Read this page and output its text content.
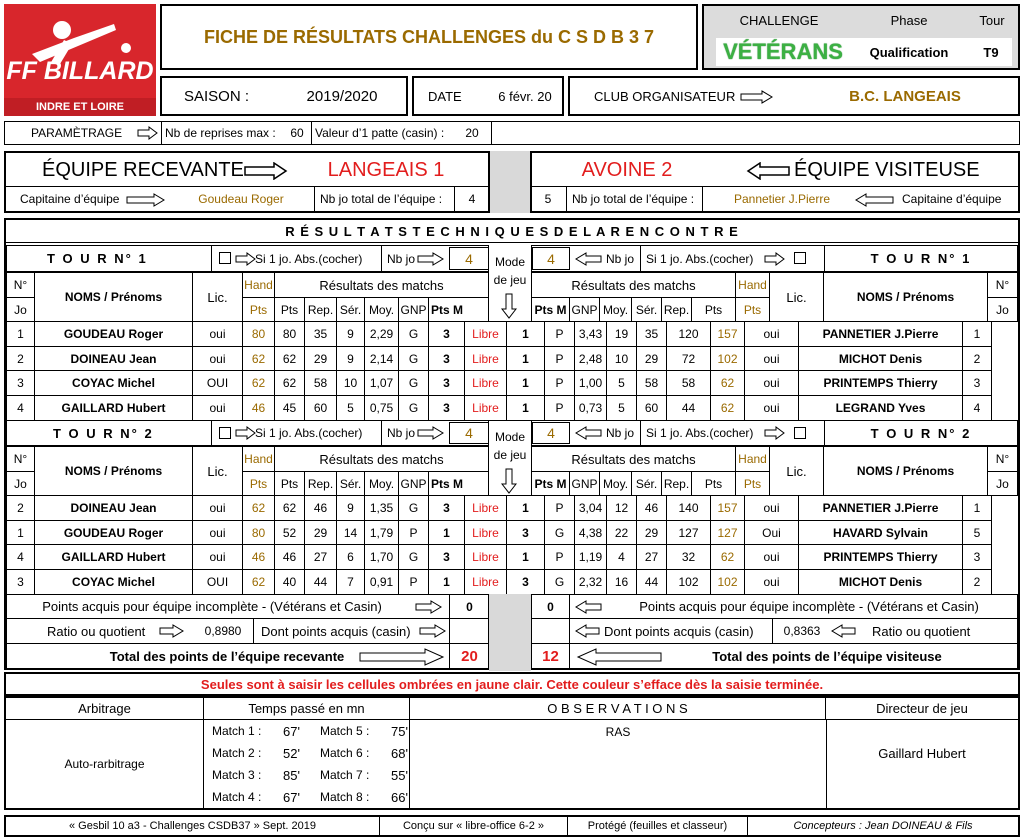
FF BILLARD
INDRE ET LOIRE
FICHE DE RÉSULTATS CHALLENGES du C S D B 3 7
CHALLENGE	Phase	Tour
VÉTÉRANS	Qualification	T9
SAISON :	2019/2020	DATE	6 févr. 20	CLUB ORGANISATEUR	B.C. LANGEAIS
PARAMÈTRAGE	Nb de reprises max :	60 Valeur d’1 patte (casin) :	20
ÉQUIPE RECEVANTE	LANGEAIS 1
Capitaine d’équipe	Goudeau Roger	Nb jo total de l’équipe :	4
AVOINE 2	ÉQUIPE VISITEUSE
5	Nb jo total de l’équipe :	Pannetier J.Pierre	Capitaine d’équipe
R É S U L T A T S T E C H N I Q U E S D E L A R E N C O N T R E
T O U R N° 1	Si 1 jo. Abs.(cocher)	Nb jo	4	4	Nb jo Si 1 jo. Abs.(cocher)	T O U R N° 1
Mode
de jeu
N°
Jo
NOMS / Prénoms	Lic.
Hand
Pts
Résultats des matchs
Pts Rep. Sér. Moy. GNP Pts M
Résultats des matchs	Hand
Pts
Lic.	NOMS / Prénoms
N°
Jo
Pts M GNP Moy. Sér. Rep.	Pts
1	GOUDEAU Roger	oui	80	80	35	9	2,29	G	3	Libre	1	P	3,43	19	35	120	157	oui	PANNETIER J.Pierre	1
2	DOINEAU Jean	oui	62	62	29	9	2,14	G	3	Libre	1	P	2,48	10	29	72	102	oui	MICHOT Denis	2
3	COYAC Michel	OUI	62	62	58	10	1,07	G	3	Libre	1	P	1,00	5	58	58	62	oui	PRINTEMPS Thierry	3
4	GAILLARD Hubert	oui	46	45	60	5	0,75	G	3	Libre	1	P	0,73	5	60	44	62	oui	LEGRAND Yves	4
T O U R N° 2	Si 1 jo. Abs.(cocher)	Nb jo	4	4	Nb jo Si 1 jo. Abs.(cocher)	T O U R N° 2
Mode
de jeu
N°
Jo
NOMS / Prénoms	Lic.
Hand
Pts
Résultats des matchs
Pts Rep. Sér. Moy. GNP Pts M
Résultats des matchs	Hand
Pts
Lic.	NOMS / Prénoms
N°
Jo
Pts M GNP Moy. Sér. Rep.	Pts
2	DOINEAU Jean	oui	62	62	46	9	1,35	G	3	Libre	1	P	3,04	12	46	140	157	oui	PANNETIER J.Pierre	1
1	GOUDEAU Roger	oui	80	52	29	14	1,79	P	1	Libre	3	G	4,38	22	29	127	127	Oui	HAVARD Sylvain	5
4	GAILLARD Hubert	oui	46	46	27	6	1,70	G	3	Libre	1	P	1,19	4	27	32	62	oui	PRINTEMPS Thierry	3
3	COYAC Michel	OUI	62	40	44	7	0,91	P	1	Libre	3	G	2,32	16	44	102	102	oui	MICHOT Denis	2
Points acquis pour équipe incomplète - (Vétérans et Casin)	0	0	Points acquis pour équipe incomplète - (Vétérans et Casin)
Ratio ou quotient	0,8980	Dont points acquis (casin)	Dont points acquis (casin)	0,8363	Ratio ou quotient
Total des points de l’équipe recevante	20	12	Total des points de l’équipe visiteuse
Seules sont à saisir les cellules ombrées en jaune clair. Cette couleur s’efface dès la saisie terminée.
Arbitrage
Auto-rarbitrage
Temps passé en mn
Match 1 :	67'
Match 2 :	52'
Match 3 :	85'
Match 4 :	67'
Match 5 :	75'
Match 6 :	68'
Match 7 :	55'
Match 8 :	66'
O B S E R V A T I O N S
RAS
Directeur de jeu
Gaillard Hubert
« Gesbil 10 a3 - Challenges CSDB37 » Sept. 2019	Conçu sur « libre-office 6-2 »	Protégé (feuilles et classeur)	Concepteurs : Jean DOINEAU & Fils
